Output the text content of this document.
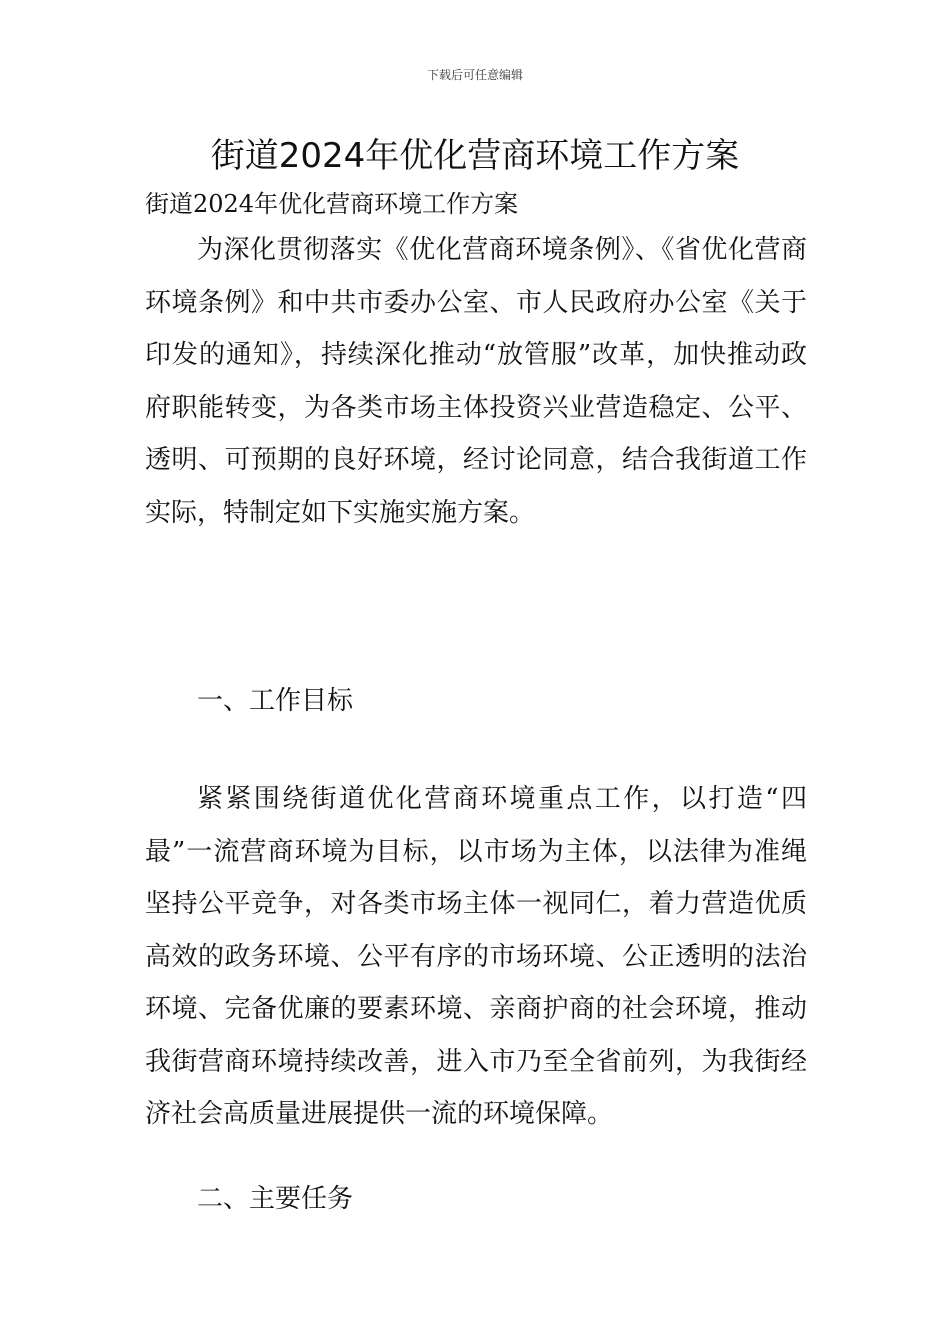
下载后可任意编辑
街道2024年优化营商环境工作方案
街道2024年优化营商环境工作方案
为深化贯彻落实《优化营商环境条例》、《省优化营商环境条例》和中共市委办公室、市人民政府办公室《关于印发的通知》，持续深化推动“放管服”改革，加快推动政府职能转变，为各类市场主体投资兴业营造稳定、公平、透明、可预期的良好环境，经讨论同意，结合我街道工作实际，特制定如下实施实施方案。
一、工作目标
紧紧围绕街道优化营商环境重点工作，以打造“四最”一流营商环境为目标，以市场为主体，以法律为准绳坚持公平竞争，对各类市场主体一视同仁，着力营造优质高效的政务环境、公平有序的市场环境、公正透明的法治环境、完备优廉的要素环境、亲商护商的社会环境，推动我街营商环境持续改善，进入市乃至全省前列，为我街经济社会高质量进展提供一流的环境保障。
二、主要任务
